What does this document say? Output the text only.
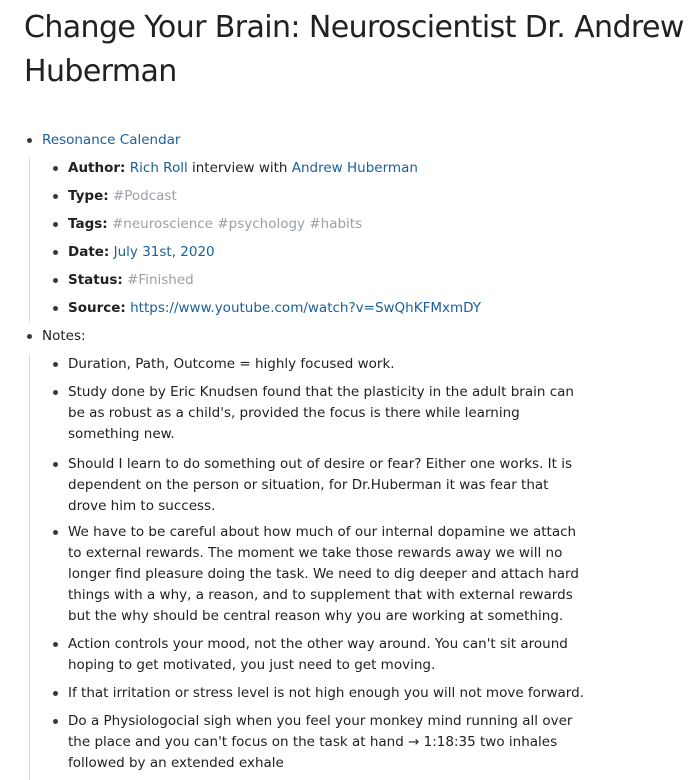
Change Your Brain: Neuroscientist Dr. Andrew Huberman
Resonance Calendar
Author: Rich Roll interview with Andrew Huberman
Type: #Podcast
Tags: #neuroscience #psychology #habits
Date: July 31st, 2020
Status: #Finished
Source: https://www.youtube.com/watch?v=SwQhKFMxmDY
Notes:
Duration, Path, Outcome = highly focused work.
Study done by Eric Knudsen found that the plasticity in the adult brain can be as robust as a child's, provided the focus is there while learning something new.
Should I learn to do something out of desire or fear? Either one works. It is dependent on the person or situation, for Dr.Huberman it was fear that drove him to success.
We have to be careful about how much of our internal dopamine we attach to external rewards. The moment we take those rewards away we will no longer find pleasure doing the task. We need to dig deeper and attach hard things with a why, a reason, and to supplement that with external rewards but the why should be central reason why you are working at something.
Action controls your mood, not the other way around. You can't sit around hoping to get motivated, you just need to get moving.
If that irritation or stress level is not high enough you will not move forward.
Do a Physiologocial sigh when you feel your monkey mind running all over the place and you can't focus on the task at hand → 1:18:35 two inhales followed by an extended exhale
